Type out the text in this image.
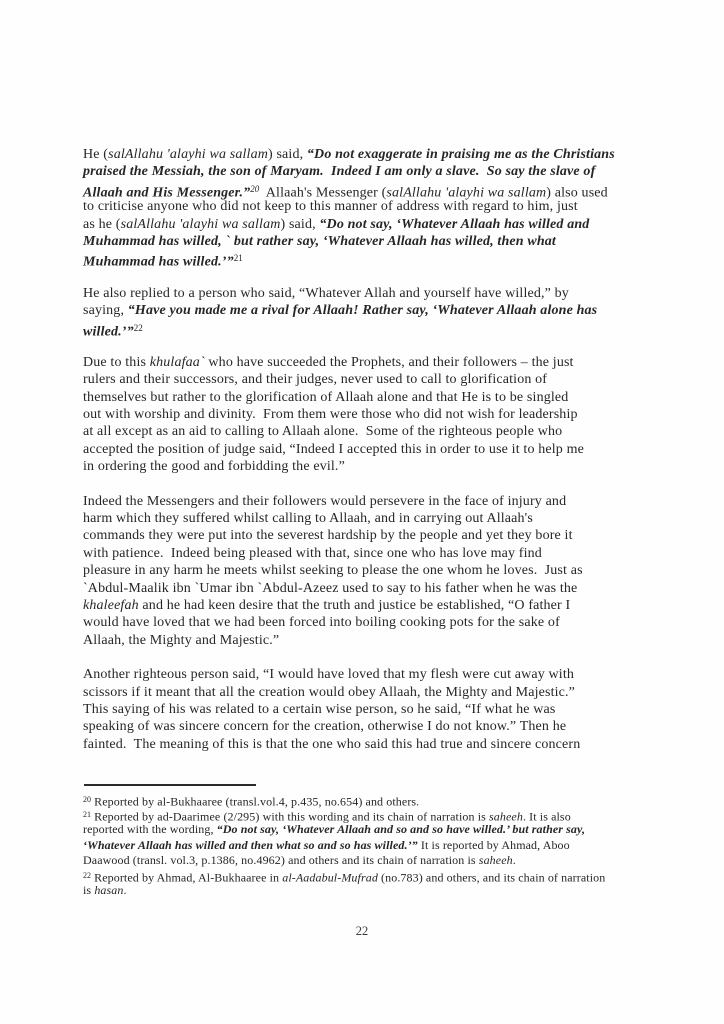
He (salAllahu 'alayhi wa sallam) said, “Do not exaggerate in praising me as the Christians
praised the Messiah, the son of Maryam.  Indeed I am only a slave.  So say the slave of
Allaah and His Messenger.”$^{20}$  Allaah's Messenger (salAllahu 'alayhi wa sallam) also used
to criticise anyone who did not keep to this manner of address with regard to him, just
as he (salAllahu 'alayhi wa sallam) said, “Do not say, ‘Whatever Allaah has willed and
Muhammad has willed, ` but rather say, ‘Whatever Allaah has willed, then what
Muhammad has willed.’”$^{21}$
He also replied to a person who said, “Whatever Allah and yourself have willed,” by
saying, “Have you made me a rival for Allaah! Rather say, ‘Whatever Allaah alone has
willed.’”$^{22}$
Due to this khulafaa` who have succeeded the Prophets, and their followers – the just
rulers and their successors, and their judges, never used to call to glorification of
themselves but rather to the glorification of Allaah alone and that He is to be singled
out with worship and divinity.  From them were those who did not wish for leadership
at all except as an aid to calling to Allaah alone.  Some of the righteous people who
accepted the position of judge said, “Indeed I accepted this in order to use it to help me
in ordering the good and forbidding the evil.”
Indeed the Messengers and their followers would persevere in the face of injury and
harm which they suffered whilst calling to Allaah, and in carrying out Allaah's
commands they were put into the severest hardship by the people and yet they bore it
with patience.  Indeed being pleased with that, since one who has love may find
pleasure in any harm he meets whilst seeking to please the one whom he loves.  Just as
`Abdul-Maalik ibn `Umar ibn `Abdul-Azeez used to say to his father when he was the
khaleefah and he had keen desire that the truth and justice be established, “O father I
would have loved that we had been forced into boiling cooking pots for the sake of
Allaah, the Mighty and Majestic.”
Another righteous person said, “I would have loved that my flesh were cut away with
scissors if it meant that all the creation would obey Allaah, the Mighty and Majestic.”
This saying of his was related to a certain wise person, so he said, “If what he was
speaking of was sincere concern for the creation, otherwise I do not know.” Then he
fainted.  The meaning of this is that the one who said this had true and sincere concern
$^{20}$ Reported by al-Bukhaaree (transl.vol.4, p.435, no.654) and others.
$^{21}$ Reported by ad-Daarimee (2/295) with this wording and its chain of narration is saheeh. It is also
reported with the wording, “Do not say, ‘Whatever Allaah and so and so have willed.’ but rather say,
‘Whatever Allaah has willed and then what so and so has willed.’” It is reported by Ahmad, Aboo
Daawood (transl. vol.3, p.1386, no.4962) and others and its chain of narration is saheeh.
$^{22}$ Reported by Ahmad, Al-Bukhaaree in al-Aadabul-Mufrad (no.783) and others, and its chain of narration
is hasan.
22
